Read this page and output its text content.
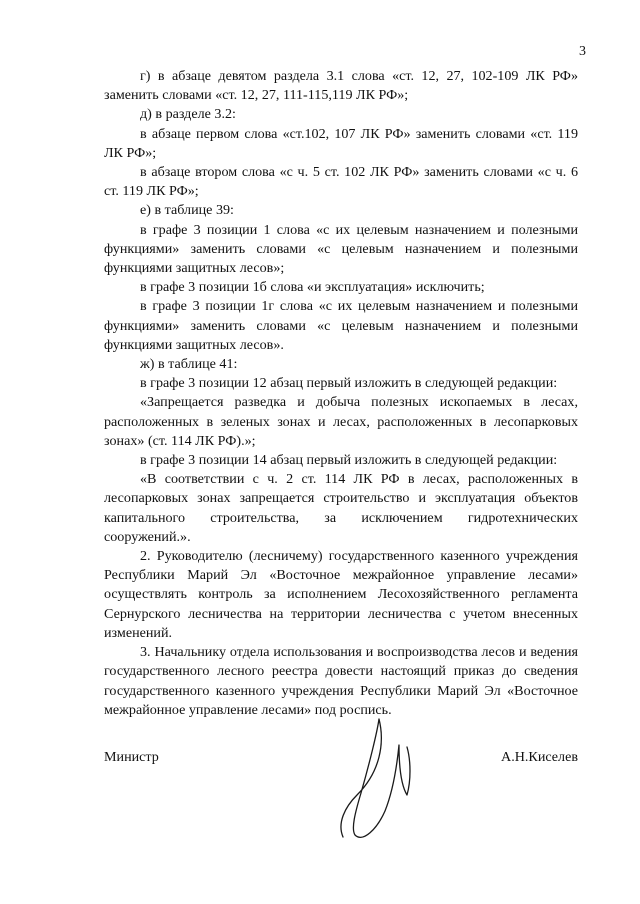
3

г) в абзаце девятом раздела 3.1 слова «ст. 12, 27, 102-109 ЛК РФ» заменить словами «ст. 12, 27, 111-115,119 ЛК РФ»;

д) в разделе 3.2:

в абзаце первом слова «ст.102, 107 ЛК РФ» заменить словами «ст. 119 ЛК РФ»;

в абзаце втором слова «с ч. 5 ст. 102 ЛК РФ» заменить словами «с ч. 6 ст. 119 ЛК РФ»;

е) в таблице 39:

в графе 3 позиции 1 слова «с их целевым назначением и полезными функциями» заменить словами «с целевым назначением и полезными функциями защитных лесов»;

в графе 3 позиции 1б слова «и эксплуатация» исключить;

в графе 3 позиции 1г слова «с их целевым назначением и полезными функциями» заменить словами «с целевым назначением и полезными функциями защитных лесов».

ж) в таблице 41:

в графе 3 позиции 12 абзац первый изложить в следующей редакции:

«Запрещается разведка и добыча полезных ископаемых в лесах, расположенных в зеленых зонах и лесах, расположенных в лесопарковых зонах» (ст. 114 ЛК РФ).»;

в графе 3 позиции 14 абзац первый изложить в следующей редакции:

«В соответствии с ч. 2 ст. 114 ЛК РФ в лесах, расположенных в лесопарковых зонах запрещается строительство и эксплуатация объектов капитального строительства, за исключением гидротехнических сооружений.».

2. Руководителю (лесничему) государственного казенного учреждения Республики Марий Эл «Восточное межрайонное управление лесами» осуществлять контроль за исполнением Лесохозяйственного регламента Сернурского лесничества на территории лесничества с учетом внесенных изменений.

3. Начальнику отдела использования и воспроизводства лесов и ведения государственного лесного реестра довести настоящий приказ до сведения государственного казенного учреждения Республики Марий Эл «Восточное межрайонное управление лесами» под роспись.

Министр	А.Н.Киселев
